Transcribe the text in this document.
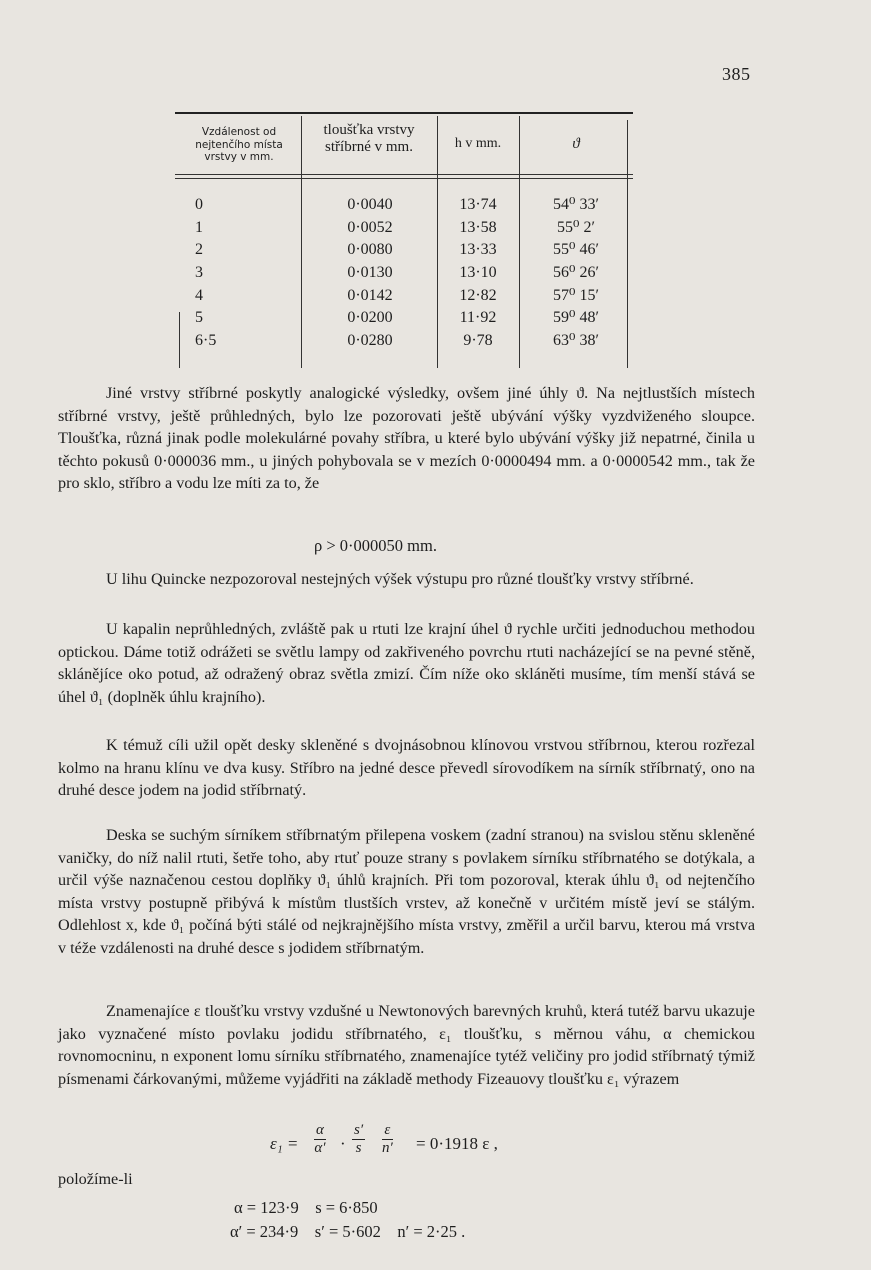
385
Vzdálenost od nejtenčího místa vrstvy v mm.
tloušťka vrstvy stříbrné v mm.	h v mm.	ϑ
0
1
2
3
4
5
6·5
0·0040
0·0052
0·0080
0·0130
0·0142
0·0200
0·0280
13·74
13·58
13·33
13·10
12·82
11·92
9·78
54⁰ 33′
55⁰ 2′
55⁰ 46′
56⁰ 26′
57⁰ 15′
59⁰ 48′
63⁰ 38′

Jiné vrstvy stříbrné poskytly analogické výsledky, ovšem jiné úhly ϑ. Na nejtlustších místech stříbrné vrstvy, ještě průhledných, bylo lze pozorovati ještě ubývání výšky vyzdviženého sloupce. Tloušťka, různá jinak podle molekulárné povahy stříbra, u které bylo ubývání výšky již nepatrné, činila u těchto pokusů 0·000036 mm., u jiných pohybovala se v mezích 0·0000494 mm. a 0·0000542 mm., tak že pro sklo, stříbro a vodu lze míti za to, že

ρ > 0·000050 mm.

U lihu Quincke nezpozoroval nestejných výšek výstupu pro různé tloušťky vrstvy stříbrné.

U kapalin neprůhledných, zvláště pak u rtuti lze krajní úhel ϑ rychle určiti jednoduchou methodou optickou. Dáme totiž odrážeti se světlu lampy od zakřiveného povrchu rtuti nacházející se na pevné stěně, sklánějíce oko potud, až odražený obraz světla zmizí. Čím níže oko skláněti musíme, tím menší stává se úhel ϑ₁ (doplněk úhlu krajního).

K témuž cíli užil opět desky skleněné s dvojnásobnou klínovou vrstvou stříbrnou, kterou rozřezal kolmo na hranu klínu ve dva kusy. Stříbro na jedné desce převedl sírovodíkem na sírník stříbrnatý, ono na druhé desce jodem na jodid stříbrnatý.

Deska se suchým sírníkem stříbrnatým přilepena voskem (zadní stranou) na svislou stěnu skleněné vaničky, do níž nalil rtuti, šetře toho, aby rtuť pouze strany s povlakem sírníku stříbrnatého se dotýkala, a určil výše naznačenou cestou doplňky ϑ₁ úhlů krajních. Při tom pozoroval, kterak úhlu ϑ₁ od nejtenčího místa vrstvy postupně přibývá k místům tlustších vrstev, až konečně v určitém místě jeví se stálým. Odlehlost x, kde ϑ₁ počíná býti stálé od nejkrajnějšího místa vrstvy, změřil a určil barvu, kterou má vrstva v téže vzdálenosti na druhé desce s jodidem stříbrnatým.

Znamenajíce ε tloušťku vrstvy vzdušné u Newtonových barevných kruhů, která tutéž barvu ukazuje jako vyznačené místo povlaku jodidu stříbrnatého, ε₁ tloušťku, s měrnou váhu, α chemickou rovnomocninu, n exponent lomu sírníku stříbrnatého, znamenajíce tytéž veličiny pro jodid stříbrnatý týmiž písmenami čárkovanými, můžeme vyjádřiti na základě methody Fizeauovy tloušťku ε₁ výrazem

$\varepsilon_1 = \frac{\alpha}{\alpha'} \cdot \frac{s'}{s} \frac{\varepsilon}{n'} = 0\cdot 1918$ ε ,
položíme-li
α = 123·9    s = 6·850
α′ = 234·9    s′ = 5·602    n′ = 2·25 .
